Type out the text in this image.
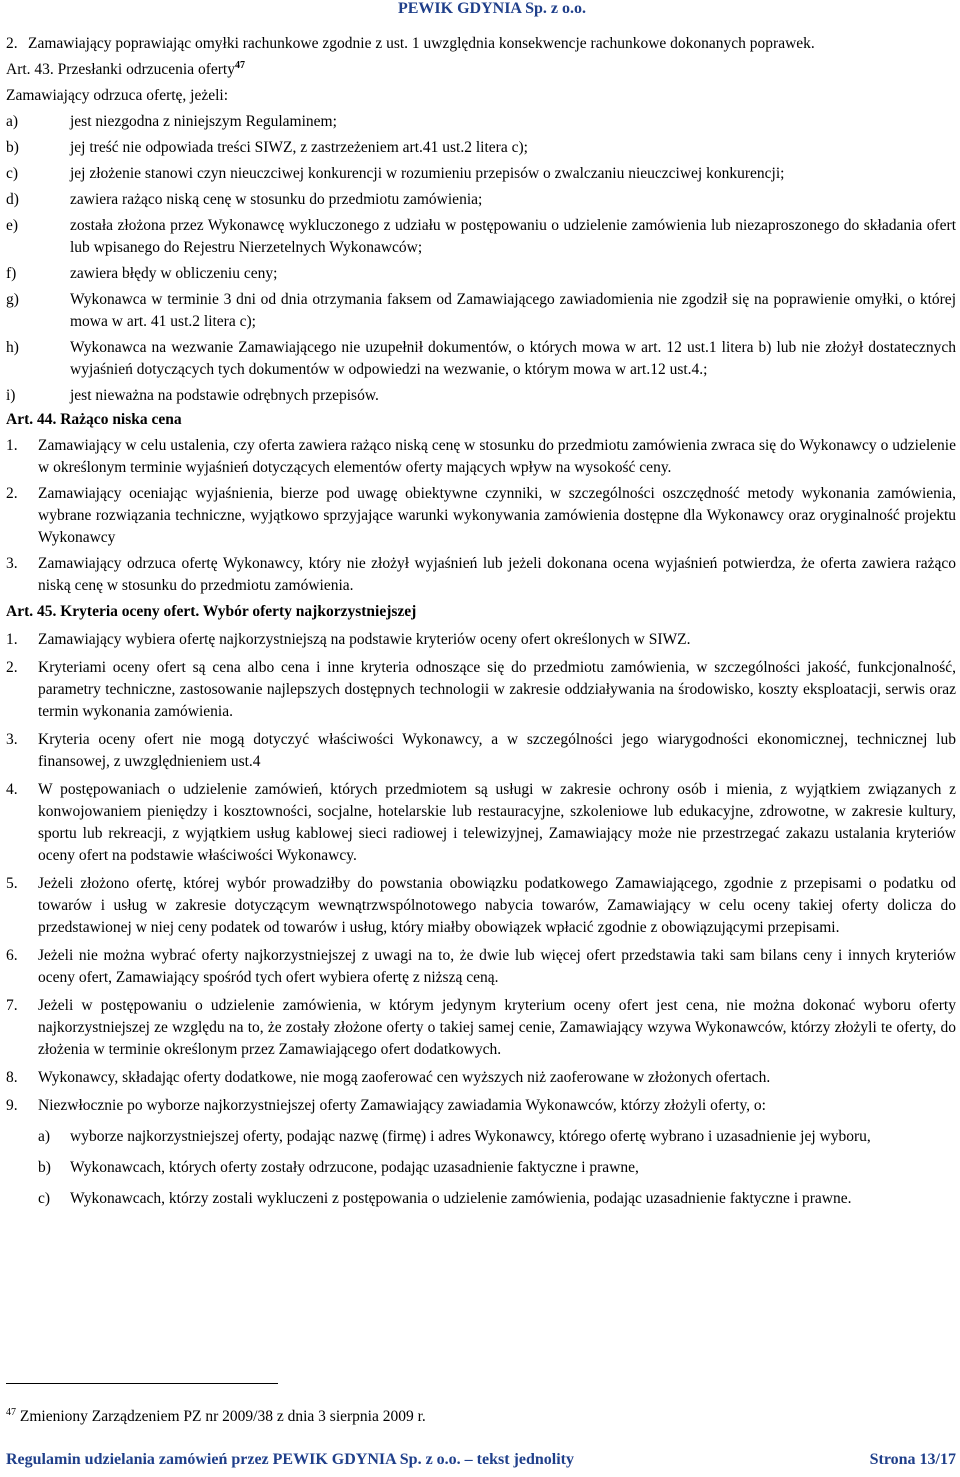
PEWIK GDYNIA Sp. z o.o.
2. Zamawiający poprawiając omyłki rachunkowe zgodnie z ust. 1 uwzględnia konsekwencje rachunkowe dokonanych poprawek.

Art. 43. Przesłanki odrzucenia oferty$^{47}$

Zamawiający odrzuca ofertę, jeżeli:

a)	jest niezgodna z niniejszym Regulaminem;
b)	jej treść nie odpowiada treści SIWZ, z zastrzeżeniem art.41 ust.2 litera c);
c)	jej złożenie stanowi czyn nieuczciwej konkurencji w rozumieniu przepisów o zwalczaniu nieuczciwej konkurencji;
d)	zawiera rażąco niską cenę w stosunku do przedmiotu zamówienia;
e)	została złożona przez Wykonawcę wykluczonego z udziału w postępowaniu o udzielenie zamówienia lub niezaproszonego do składania ofert lub wpisanego do Rejestru Nierzetelnych Wykonawców;
f)	zawiera błędy w obliczeniu ceny;
g)	Wykonawca w terminie 3 dni od dnia otrzymania faksem od Zamawiającego zawiadomienia nie zgodził się na poprawienie omyłki, o której mowa w art. 41 ust.2 litera c);
h)	Wykonawca na wezwanie Zamawiającego nie uzupełnił dokumentów, o których mowa w art. 12 ust.1 litera b) lub nie złożył dostatecznych wyjaśnień dotyczących tych dokumentów w odpowiedzi na wezwanie, o którym mowa w art.12 ust.4.;
i)	jest nieważna na podstawie odrębnych przepisów.

Art. 44. Rażąco niska cena

1.	Zamawiający w celu ustalenia, czy oferta zawiera rażąco niską cenę w stosunku do przedmiotu zamówienia zwraca się do Wykonawcy o udzielenie w określonym terminie wyjaśnień dotyczących elementów oferty mających wpływ na wysokość ceny.
2.	Zamawiający oceniając wyjaśnienia, bierze pod uwagę obiektywne czynniki, w szczególności oszczędność metody wykonania zamówienia, wybrane rozwiązania techniczne, wyjątkowo sprzyjające warunki wykonywania zamówienia dostępne dla Wykonawcy oraz oryginalność projektu Wykonawcy
3.	Zamawiający odrzuca ofertę Wykonawcy, który nie złożył wyjaśnień lub jeżeli dokonana ocena wyjaśnień potwierdza, że oferta zawiera rażąco niską cenę w stosunku do przedmiotu zamówienia.

Art. 45. Kryteria oceny ofert. Wybór oferty najkorzystniejszej

1.	Zamawiający wybiera ofertę najkorzystniejszą na podstawie kryteriów oceny ofert określonych w SIWZ.
2.	Kryteriami oceny ofert są cena albo cena i inne kryteria odnoszące się do przedmiotu zamówienia, w szczególności jakość, funkcjonalność, parametry techniczne, zastosowanie najlepszych dostępnych technologii w zakresie oddziaływania na środowisko, koszty eksploatacji, serwis oraz termin wykonania zamówienia.
3.	Kryteria oceny ofert nie mogą dotyczyć właściwości Wykonawcy, a w szczególności jego wiarygodności ekonomicznej, technicznej lub finansowej, z uwzględnieniem ust.4
4.	W postępowaniach o udzielenie zamówień, których przedmiotem są usługi w zakresie ochrony osób i mienia, z wyjątkiem związanych z konwojowaniem pieniędzy i kosztowności, socjalne, hotelarskie lub restauracyjne, szkoleniowe lub edukacyjne, zdrowotne, w zakresie kultury, sportu lub rekreacji, z wyjątkiem usług kablowej sieci radiowej i telewizyjnej, Zamawiający może nie przestrzegać zakazu ustalania kryteriów oceny ofert na podstawie właściwości Wykonawcy.
5.	Jeżeli złożono ofertę, której wybór prowadziłby do powstania obowiązku podatkowego Zamawiającego, zgodnie z przepisami o podatku od towarów i usług w zakresie dotyczącym wewnątrzwspólnotowego nabycia towarów, Zamawiający w celu oceny takiej oferty dolicza do przedstawionej w niej ceny podatek od towarów i usług, który miałby obowiązek wpłacić zgodnie z obowiązującymi przepisami.
6.	Jeżeli nie można wybrać oferty najkorzystniejszej z uwagi na to, że dwie lub więcej ofert przedstawia taki sam bilans ceny i innych kryteriów oceny ofert, Zamawiający spośród tych ofert wybiera ofertę z niższą ceną.
7.	Jeżeli w postępowaniu o udzielenie zamówienia, w którym jedynym kryterium oceny ofert jest cena, nie można dokonać wyboru oferty najkorzystniejszej ze względu na to, że zostały złożone oferty o takiej samej cenie, Zamawiający wzywa Wykonawców, którzy złożyli te oferty, do złożenia w terminie określonym przez Zamawiającego ofert dodatkowych.
8.	Wykonawcy, składając oferty dodatkowe, nie mogą zaoferować cen wyższych niż zaoferowane w złożonych ofertach.
9.	Niezwłocznie po wyborze najkorzystniejszej oferty Zamawiający zawiadamia Wykonawców, którzy złożyli oferty, o:
a)	wyborze najkorzystniejszej oferty, podając nazwę (firmę) i adres Wykonawcy, którego ofertę wybrano i uzasadnienie jej wyboru,
b)	Wykonawcach, których oferty zostały odrzucone, podając uzasadnienie faktyczne i prawne,
c)	Wykonawcach, którzy zostali wykluczeni z postępowania o udzielenie zamówienia, podając uzasadnienie faktyczne i prawne.
$^{47}$ Zmieniony Zarządzeniem PZ nr 2009/38 z dnia 3 sierpnia 2009 r.
Regulamin udzielania zamówień przez PEWIK GDYNIA Sp. z o.o. – tekst jednolity	Strona 13/17
